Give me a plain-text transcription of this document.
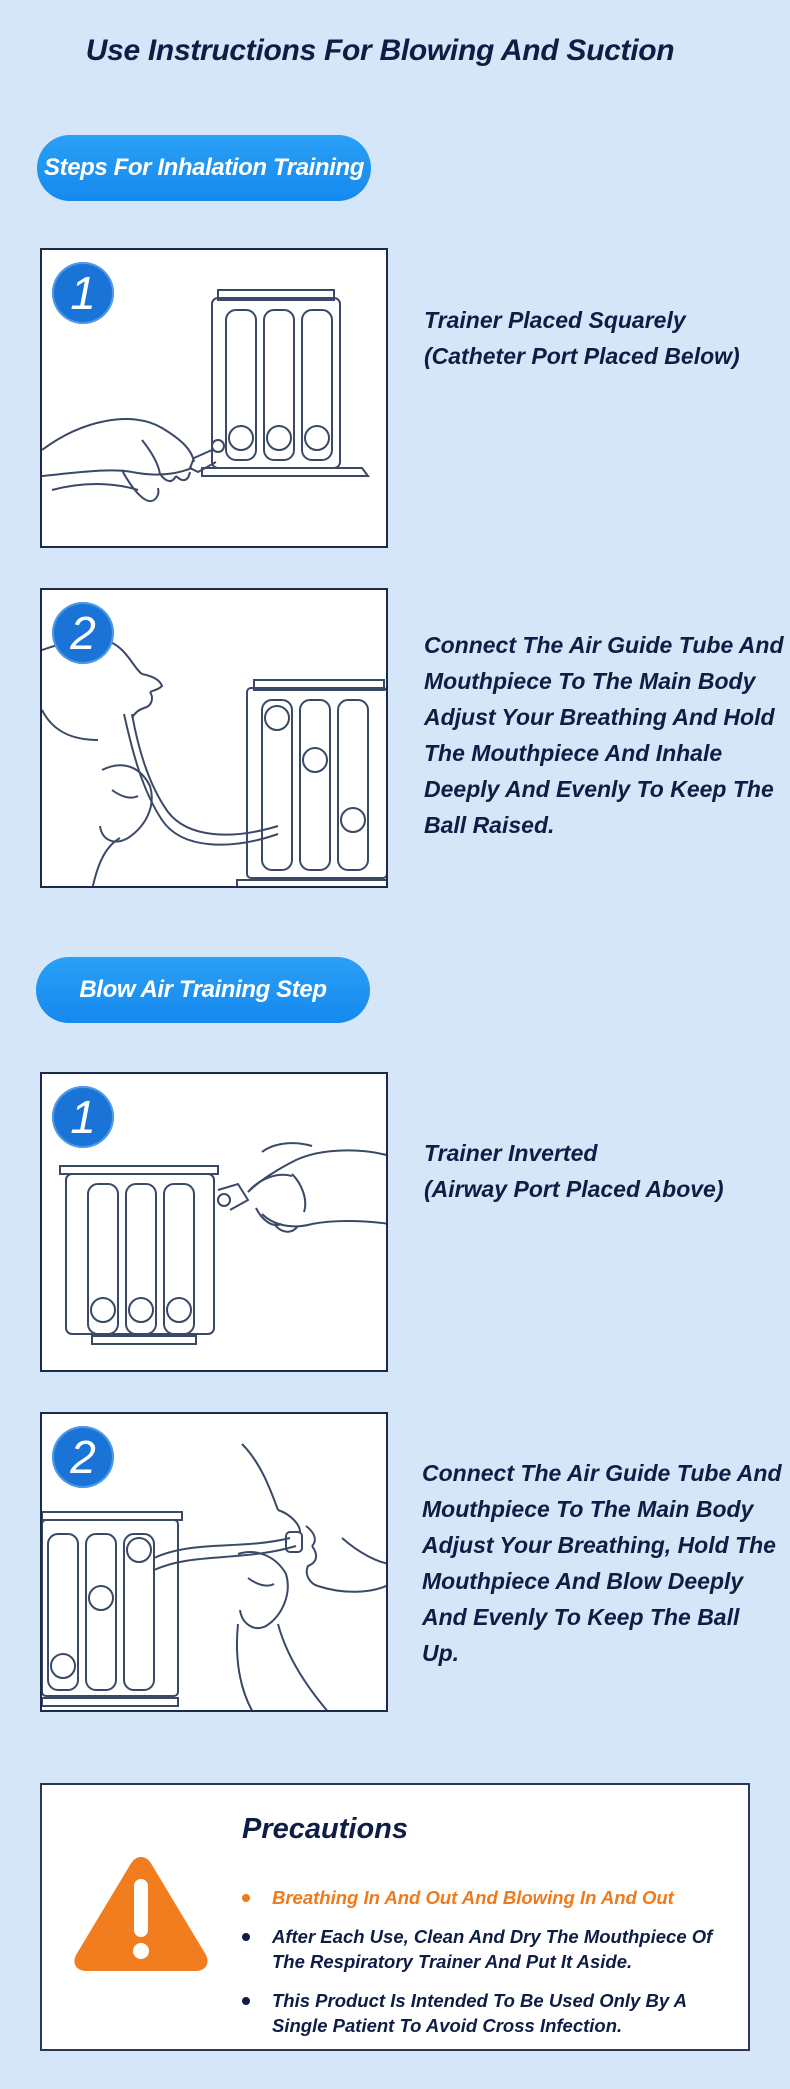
Use Instructions For Blowing And Suction
Steps For Inhalation Training
1
Trainer Placed Squarely
(Catheter Port Placed Below)
2	Connect The Air Guide Tube And
Mouthpiece To The Main Body
Adjust Your Breathing And Hold
The Mouthpiece And Inhale
Deeply And Evenly To Keep The
Ball Raised.
Blow Air Training Step
1
Trainer Inverted
(Airway Port Placed Above)
2	Connect The Air Guide Tube And
Mouthpiece To The Main Body
Adjust Your Breathing, Hold The
Mouthpiece And Blow Deeply
And Evenly To Keep The Ball Up.
Precautions
Breathing In And Out And Blowing In And Out
After Each Use, Clean And Dry The Mouthpiece Of The Respiratory Trainer And Put It Aside.
This Product Is Intended To Be Used Only By A Single Patient To Avoid Cross Infection.
